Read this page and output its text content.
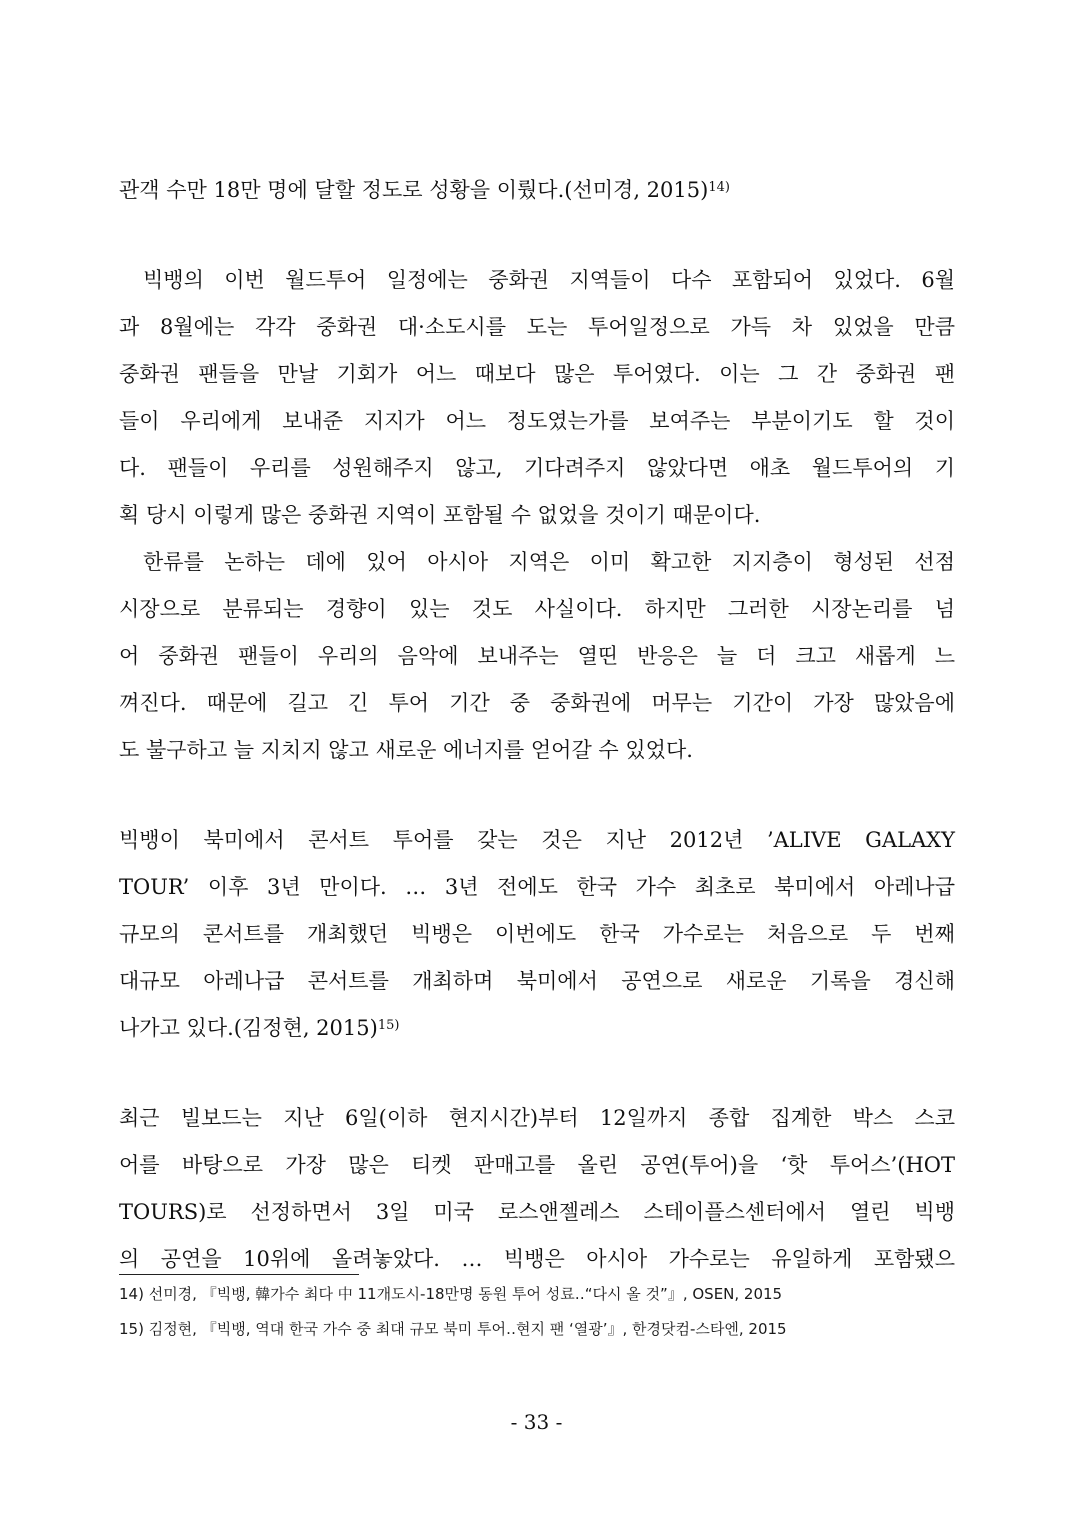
관객 수만 18만 명에 달할 정도로 성황을 이뤘다.(선미경, 2015)$^{14)}$
빅뱅의 이번 월드투어 일정에는 중화권 지역들이 다수 포함되어 있었다. 6월
과 8월에는 각각 중화권 대·소도시를 도는 투어일정으로 가득 차 있었을 만큼
중화권 팬들을 만날 기회가 어느 때보다 많은 투어였다. 이는 그 간 중화권 팬
들이 우리에게 보내준 지지가 어느 정도였는가를 보여주는 부분이기도 할 것이
다. 팬들이 우리를 성원해주지 않고, 기다려주지 않았다면 애초 월드투어의 기
획 당시 이렇게 많은 중화권 지역이 포함될 수 없었을 것이기 때문이다.
한류를 논하는 데에 있어 아시아 지역은 이미 확고한 지지층이 형성된 선점
시장으로 분류되는 경향이 있는 것도 사실이다. 하지만 그러한 시장논리를 넘
어 중화권 팬들이 우리의 음악에 보내주는 열띤 반응은 늘 더 크고 새롭게 느
껴진다. 때문에 길고 긴 투어 기간 중 중화권에 머무는 기간이 가장 많았음에
도 불구하고 늘 지치지 않고 새로운 에너지를 얻어갈 수 있었다.
빅뱅이 북미에서 콘서트 투어를 갖는 것은 지난 2012년 ’ALIVE GALAXY
TOUR’ 이후 3년 만이다. … 3년 전에도 한국 가수 최초로 북미에서 아레나급
규모의 콘서트를 개최했던 빅뱅은 이번에도 한국 가수로는 처음으로 두 번째
대규모 아레나급 콘서트를 개최하며 북미에서 공연으로 새로운 기록을 경신해
나가고 있다.(김정현, 2015)$^{15)}$
최근 빌보드는 지난 6일(이하 현지시간)부터 12일까지 종합 집계한 박스 스코
어를 바탕으로 가장 많은 티켓 판매고를 올린 공연(투어)을 ‘핫 투어스’(HOT
TOURS)로 선정하면서 3일 미국 로스앤젤레스 스테이플스센터에서 열린 빅뱅
의 공연을 10위에 올려놓았다. … 빅뱅은 아시아 가수로는 유일하게 포함됐으
14) 선미경, 『빅뱅, 韓가수 최다 中 11개도시-18만명 동원 투어 성료‥“다시 올 것”』, OSEN, 2015
15) 김정현, 『빅뱅, 역대 한국 가수 중 최대 규모 북미 투어‥현지 팬 ‘열광’』, 한경닷컴-스타엔, 2015
- 33 -
